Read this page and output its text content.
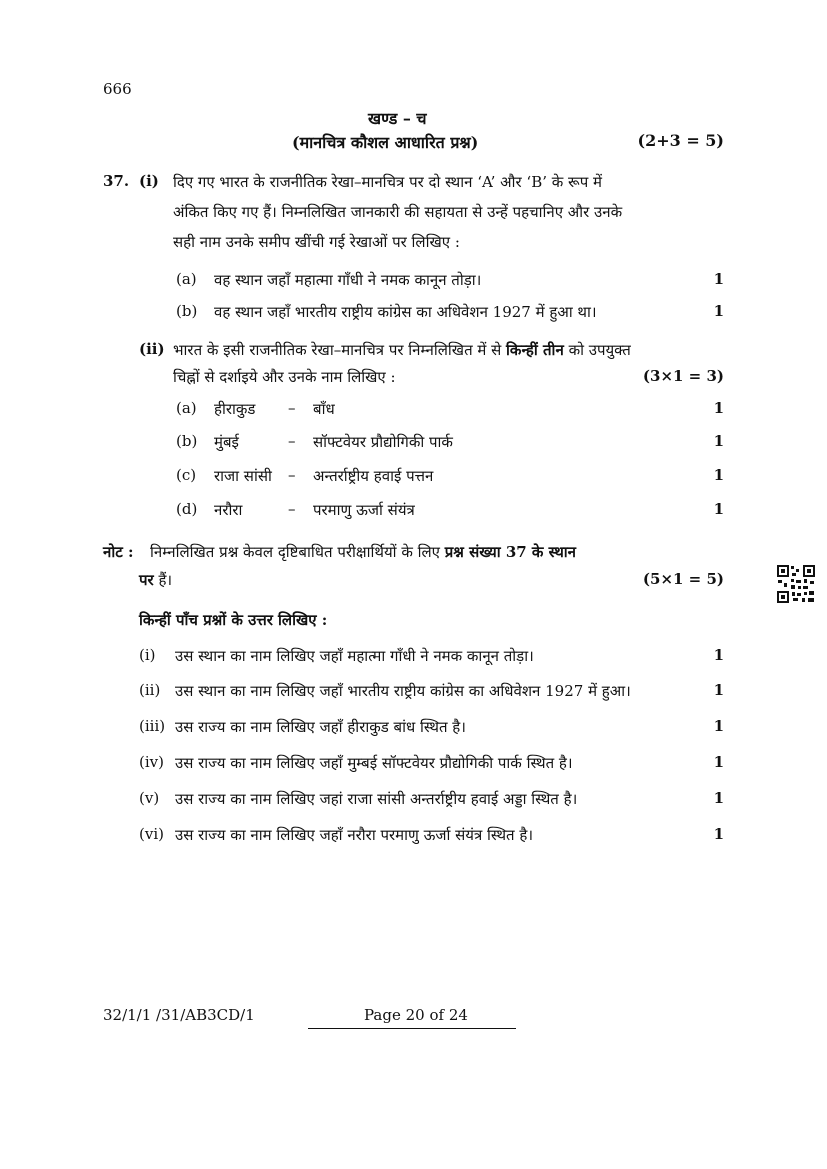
666
खण्ड – च
(मानचित्र कौशल आधारित प्रश्न)	(2+3 = 5)
37. (i) दिए गए भारत के राजनीतिक रेखा–मानचित्र पर दो स्थान ‘A’ और ‘B’ के रूप में
अंकित किए गए हैं। निम्नलिखित जानकारी की सहायता से उन्हें पहचानिए और उनके
सही नाम उनके समीप खींची गई रेखाओं पर लिखिए :
(a) वह स्थान जहाँ महात्मा गाँधी ने नमक कानून तोड़ा।	1
(b) वह स्थान जहाँ भारतीय राष्ट्रीय कांग्रेस का अधिवेशन 1927 में हुआ था।	1
(ii) भारत के इसी राजनीतिक रेखा–मानचित्र पर निम्नलिखित में से किन्हीं तीन को उपयुक्त
चिह्नों से दर्शाइये और उनके नाम लिखिए :	(3×1 = 3)
(a) हीराकुड – बाँध	1
(b) मुंबई	– सॉफ्टवेयर प्रौद्योगिकी पार्क	1
(c) राजा सांसी – अन्तर्राष्ट्रीय हवाई पत्तन	1
(d) नरौरा	– परमाणु ऊर्जा संयंत्र	1
नोट : निम्नलिखित प्रश्न केवल दृष्टिबाधित परीक्षार्थियों के लिए प्रश्न संख्या 37 के स्थान
पर हैं।	(5×1 = 5)
किन्हीं पाँच प्रश्नों के उत्तर लिखिए :
(i) उस स्थान का नाम लिखिए जहाँ महात्मा गाँधी ने नमक कानून तोड़ा।	1
(ii) उस स्थान का नाम लिखिए जहाँ भारतीय राष्ट्रीय कांग्रेस का अधिवेशन 1927 में हुआ।	1
(iii) उस राज्य का नाम लिखिए जहाँ हीराकुड बांध स्थित है।	1
(iv) उस राज्य का नाम लिखिए जहाँ मुम्बई सॉफ्टवेयर प्रौद्योगिकी पार्क स्थित है।	1
(v) उस राज्य का नाम लिखिए जहां राजा सांसी अन्तर्राष्ट्रीय हवाई अड्डा स्थित है।	1
(vi) उस राज्य का नाम लिखिए जहाँ नरौरा परमाणु ऊर्जा संयंत्र स्थित है।	1
32/1/1 /31/AB3CD/1	Page 20 of 24
